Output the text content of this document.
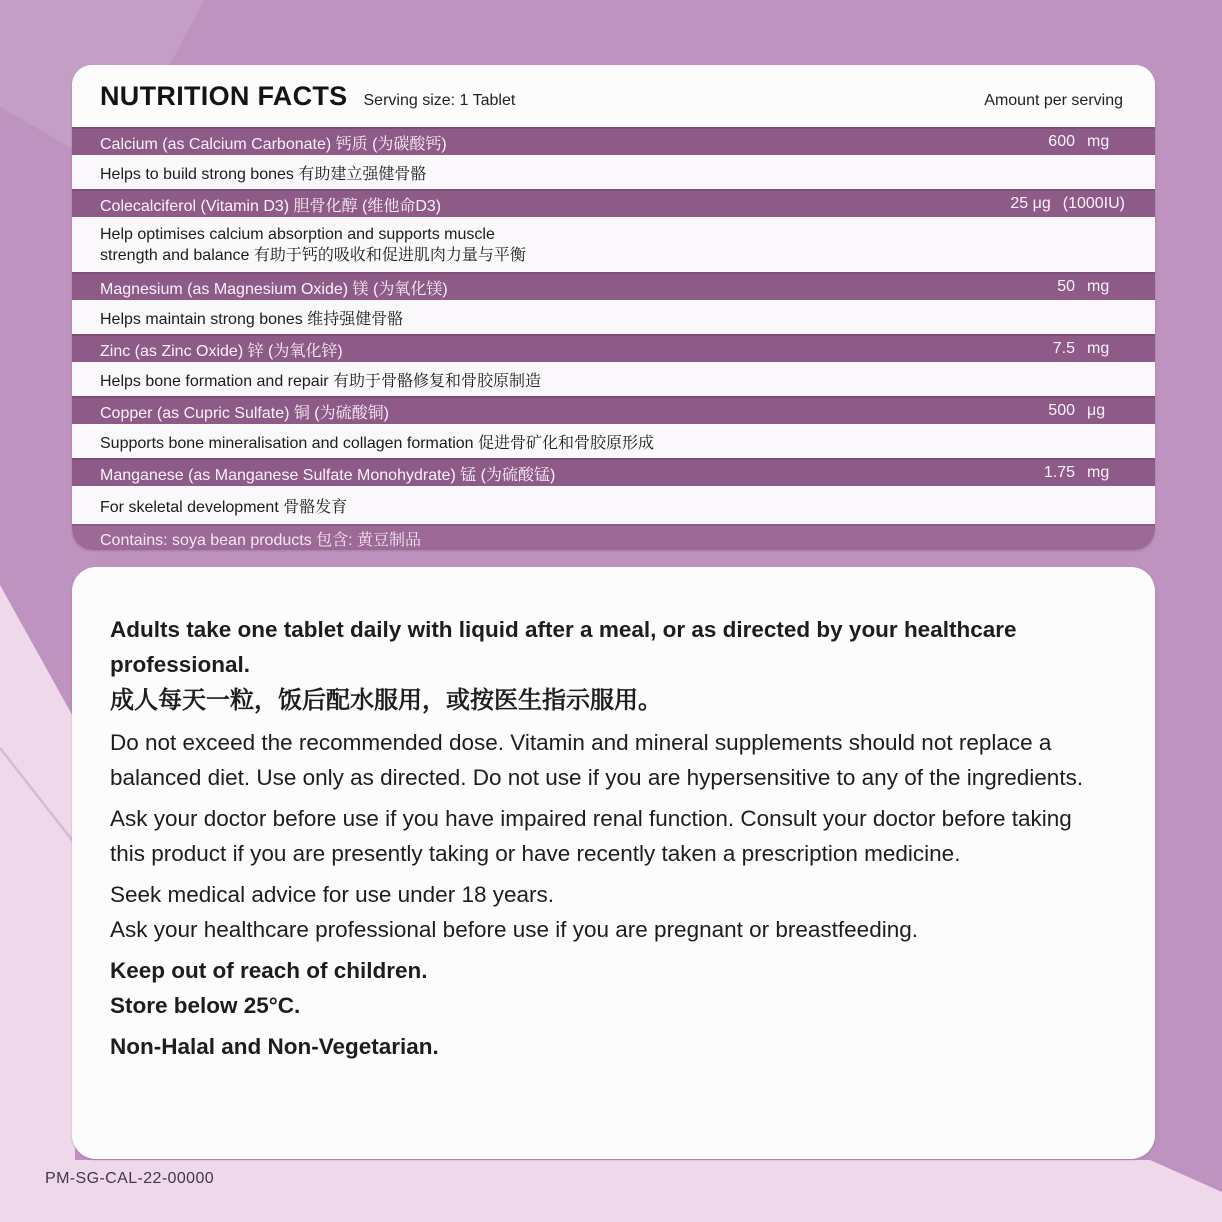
NUTRITION FACTS Serving size: 1 Tablet	Amount per serving
Calcium (as Calcium Carbonate) 钙质 (为碳酸钙)	600 mg
Helps to build strong bones 有助建立强健骨骼
Colecalciferol (Vitamin D3) 胆骨化醇 (维他命D3)	25 μg (1000IU)
Help optimises calcium absorption and supports muscle strength and balance 有助于钙的吸收和促进肌肉力量与平衡
Magnesium (as Magnesium Oxide) 镁 (为氧化镁)	50 mg
Helps maintain strong bones 维持强健骨骼
Zinc (as Zinc Oxide) 锌 (为氧化锌)	7.5 mg
Helps bone formation and repair 有助于骨骼修复和骨胶原制造
Copper (as Cupric Sulfate) 铜 (为硫酸铜)	500 μg
Supports bone mineralisation and collagen formation 促进骨矿化和骨胶原形成
Manganese (as Manganese Sulfate Monohydrate) 锰 (为硫酸锰)	1.75 mg
For skeletal development 骨骼发育
Contains: soya bean products 包含: 黄豆制品

Adults take one tablet daily with liquid after a meal, or as directed by your healthcare professional.

成人每天一粒，饭后配水服用，或按医生指示服用。

Do not exceed the recommended dose. Vitamin and mineral supplements should not replace a balanced diet. Use only as directed. Do not use if you are hypersensitive to any of the ingredients.

Ask your doctor before use if you have impaired renal function. Consult your doctor before taking this product if you are presently taking or have recently taken a prescription medicine.

Seek medical advice for use under 18 years.

Ask your healthcare professional before use if you are pregnant or breastfeeding.

Keep out of reach of children.

Store below 25°C.

Non-Halal and Non-Vegetarian.

PM-SG-CAL-22-00000
